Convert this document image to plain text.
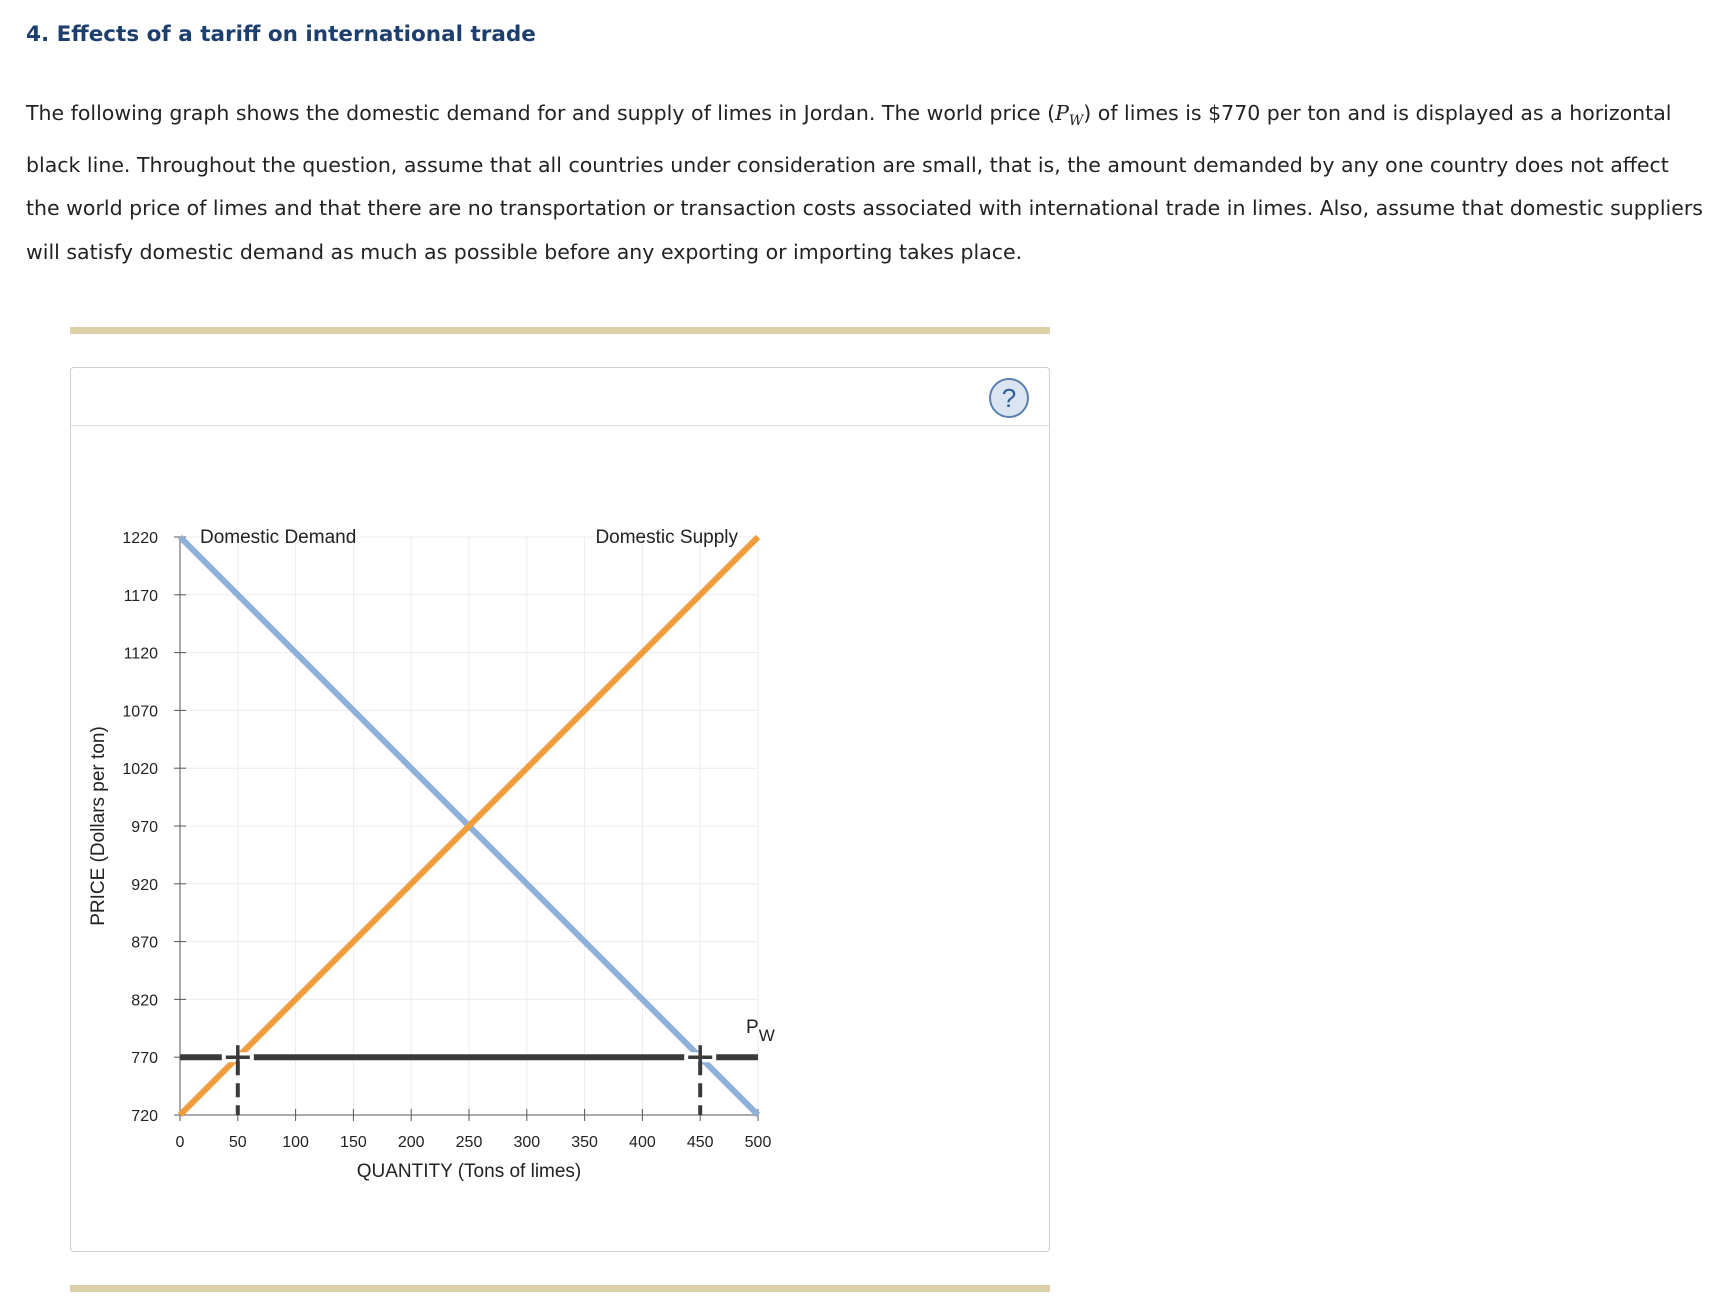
4. Effects of a tariff on international trade

The following graph shows the domestic demand for and supply of limes in Jordan. The world price $(P_W)$ of limes is $770 per ton and is displayed as a horizontal black line. Throughout the question, assume that all countries under consideration are small, that is, the amount demanded by any one country does not affect the world price of limes and that there are no transportation or transaction costs associated with international trade in limes. Also, assume that domestic suppliers will satisfy domestic demand as much as possible before any exporting or importing takes place.

?
720
770
820
870
920
970
1020
1070
1120
1170
1220
0	50 100 150 200 250 300 350 400 450 500
QUANTITY (Tons of limes)
PRICE (Dollars per ton)
Domestic Demand	Domestic Supply
PW
